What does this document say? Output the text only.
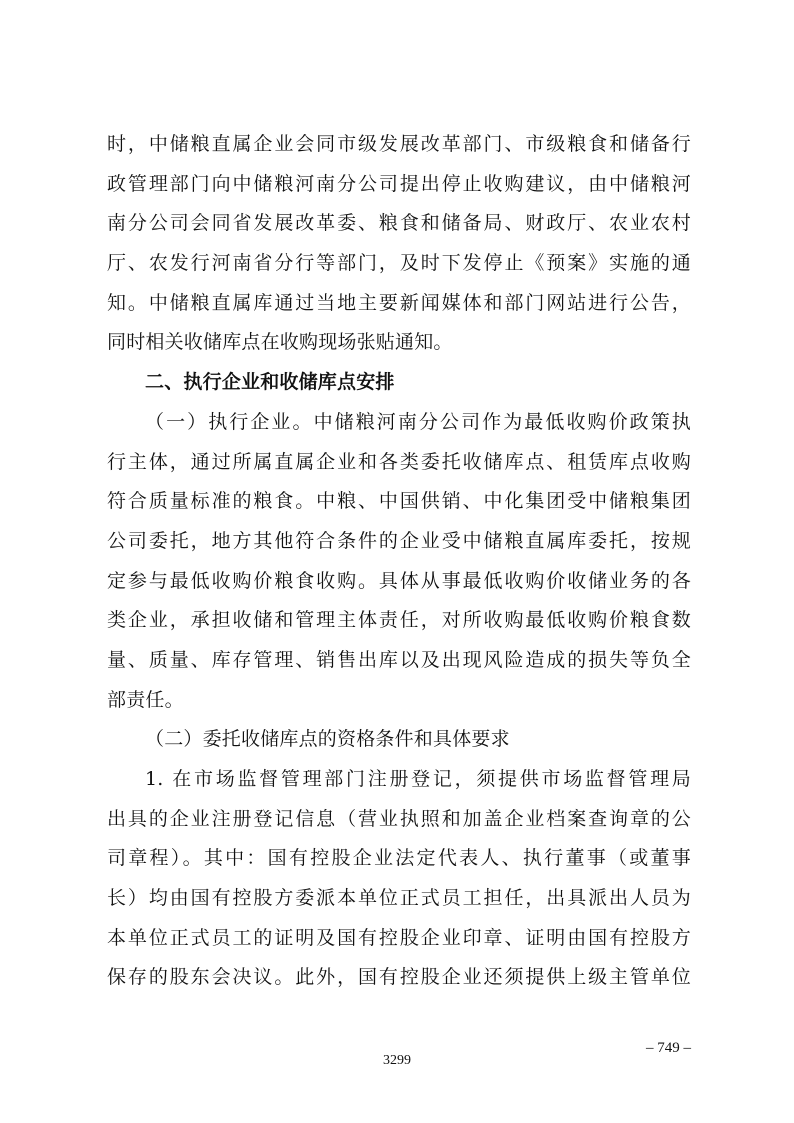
时，中储粮直属企业会同市级发展改革部门、市级粮食和储备行
政管理部门向中储粮河南分公司提出停止收购建议，由中储粮河
南分公司会同省发展改革委、粮食和储备局、财政厅、农业农村
厅、农发行河南省分行等部门，及时下发停止《预案》实施的通
知。中储粮直属库通过当地主要新闻媒体和部门网站进行公告，
同时相关收储库点在收购现场张贴通知。
二、执行企业和收储库点安排
（一）执行企业。中储粮河南分公司作为最低收购价政策执
行主体，通过所属直属企业和各类委托收储库点、租赁库点收购
符合质量标准的粮食。中粮、中国供销、中化集团受中储粮集团
公司委托，地方其他符合条件的企业受中储粮直属库委托，按规
定参与最低收购价粮食收购。具体从事最低收购价收储业务的各
类企业，承担收储和管理主体责任，对所收购最低收购价粮食数
量、质量、库存管理、销售出库以及出现风险造成的损失等负全
部责任。
（二）委托收储库点的资格条件和具体要求
1. 在市场监督管理部门注册登记，须提供市场监督管理局
出具的企业注册登记信息（营业执照和加盖企业档案查询章的公
司章程）。其中：国有控股企业法定代表人、执行董事（或董事
长）均由国有控股方委派本单位正式员工担任，出具派出人员为
本单位正式员工的证明及国有控股企业印章、证明由国有控股方
保存的股东会决议。此外，国有控股企业还须提供上级主管单位
– 749 –
3299
